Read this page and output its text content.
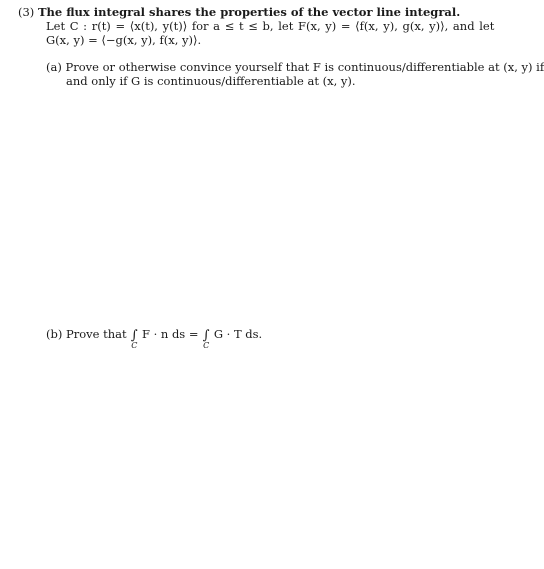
(3) The flux integral shares the properties of the vector line integral.
Let C : r(t) = ⟨x(t), y(t)⟩ for a ≤ t ≤ b, let F(x, y) = ⟨f(x, y), g(x, y)⟩, and let
G(x, y) = ⟨−g(x, y), f(x, y)⟩.
(a) Prove or otherwise convince yourself that F is continuous/differentiable at (x, y) if
and only if G is continuous/differentiable at (x, y).
(b) Prove that ∫
C
F · n ds = ∫
C
G · T ds.
